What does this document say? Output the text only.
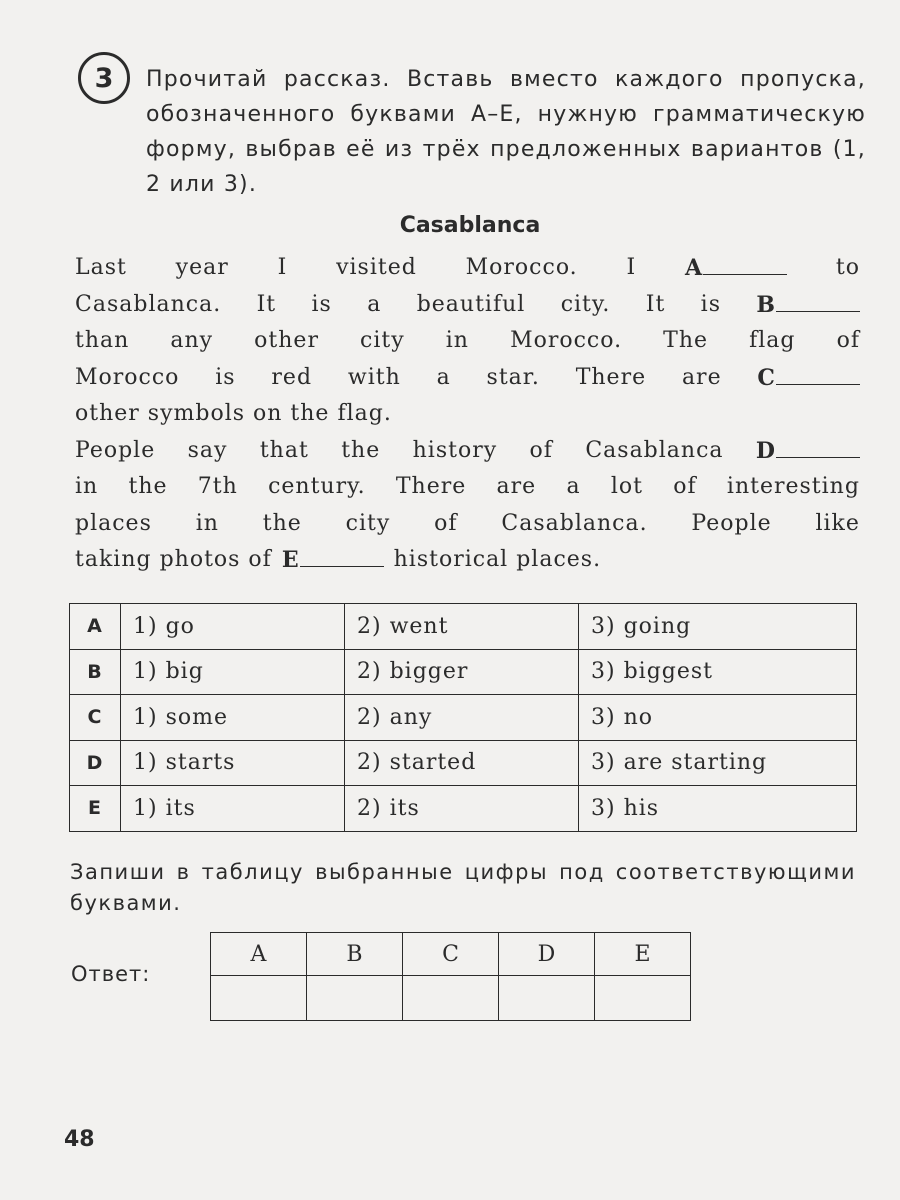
3 Прочитай рассказ. Вставь вместо каждого пропуска, обозначенного буквами А–Е, нужную грамматическую форму, выбрав её из трёх предложенных вариантов (1, 2 или 3).

Casablanca
Last year I visited Morocco. I A	to
Casablanca. It is a beautiful city. It is B
than any other city in Morocco. The flag of
Morocco is red with a star. There are C
other symbols on the flag.
People say that the history of Casablanca D
in the 7th century. There are a lot of interesting
places in the city of Casablanca. People like
taking photos of E	historical places.
A	1) go	2) went	3) going
B	1) big	2) bigger	3) biggest
C	1) some	2) any	3) no
D	1) starts	2) started	3) are starting
E	1) its	2) its	3) his

Запиши в таблицу выбранные цифры под соответствующими буквами.

Ответ:
A	B	C	D	E

48
